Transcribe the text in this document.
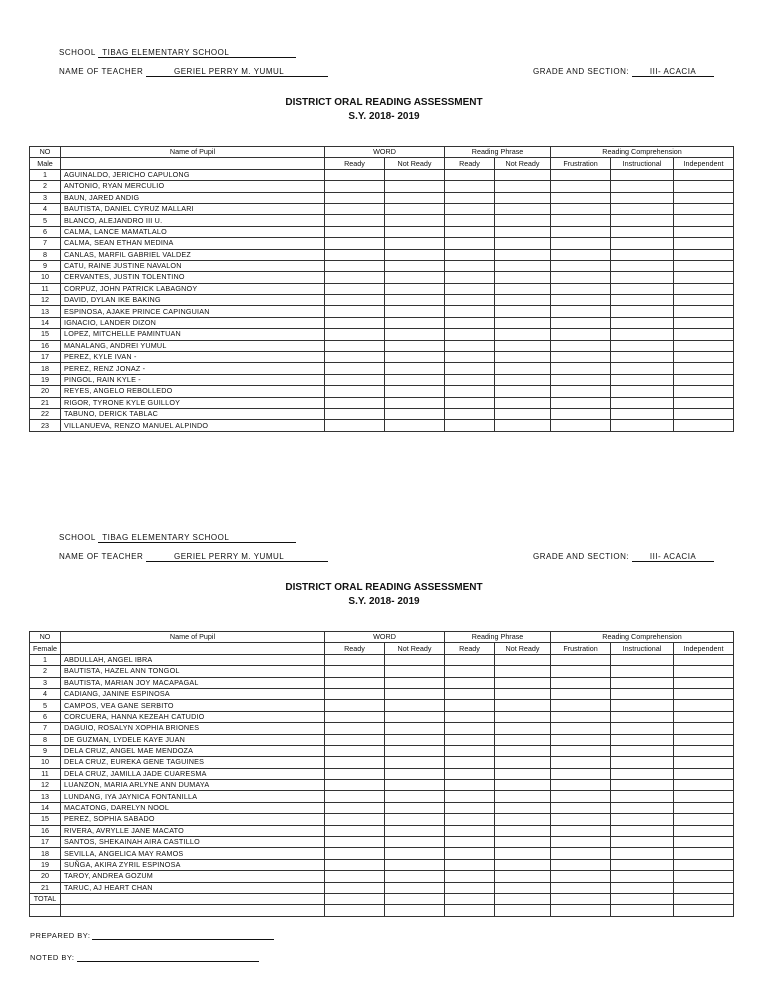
SCHOOL TIBAG ELEMENTARY SCHOOL
NAME OF TEACHER	GERIEL PERRY M. YUMUL	GRADE AND SECTION:	III- ACACIA
DISTRICT ORAL READING ASSESSMENT
S.Y. 2018- 2019
NO	Name of Pupil	WORD		Reading Phrase		Reading Comprehension		
Male		Ready	Not Ready	Ready	Not Ready	Frustration	Instructional	Independent
1	AGUINALDO, JERICHO CAPULONG							
2	ANTONIO, RYAN MERCULIO							
3	BAUN, JARED ANDIG							
4	BAUTISTA, DANIEL CYRUZ MALLARI							
5	BLANCO, ALEJANDRO III U.							
6	CALMA, LANCE MAMATLALO							
7	CALMA, SEAN ETHAN MEDINA							
8	CANLAS, MARFIL GABRIEL VALDEZ							
9	CATU, RAINE JUSTINE NAVALON							
10	CERVANTES, JUSTIN TOLENTINO							
11	CORPUZ, JOHN PATRICK LABAGNOY							
12	DAVID, DYLAN IKE BAKING							
13	ESPINOSA, AJAKE PRINCE CAPINGUIAN							
14	IGNACIO, LANDER DIZON							
15	LOPEZ, MITCHELLE PAMINTUAN							
16	MANALANG, ANDREI YUMUL							
17	PEREZ, KYLE IVAN -							
18	PEREZ, RENZ JONAZ -							
19	PINGOL, RAIN KYLE -							
20	REYES, ANGELO REBOLLEDO							
21	RIGOR, TYRONE KYLE GUILLOY							
22	TABUNO, DERICK TABLAC							
23	VILLANUEVA, RENZO MANUEL ALPINDO							
SCHOOL TIBAG ELEMENTARY SCHOOL
NAME OF TEACHER	GERIEL PERRY M. YUMUL	GRADE AND SECTION:	III- ACACIA
DISTRICT ORAL READING ASSESSMENT
S.Y. 2018- 2019
NO	Name of Pupil	WORD		Reading Phrase		Reading Comprehension		
Female		Ready	Not Ready	Ready	Not Ready	Frustration	Instructional	Independent
1	ABDULLAH, ANGEL IBRA							
2	BAUTISTA, HAZEL ANN TONGOL							
3	BAUTISTA, MARIAN JOY MACAPAGAL							
4	CADIANG, JANINE ESPINOSA							
5	CAMPOS, VEA GANE SERBITO							
6	CORCUERA, HANNA KEZEAH CATUDIO							
7	DAGUIO, ROSALYN XOPHIA BRIONES							
8	DE GUZMAN, LYDELE KAYE JUAN							
9	DELA CRUZ, ANGEL MAE MENDOZA							
10	DELA CRUZ, EUREKA GENE TAGUINES							
11	DELA CRUZ, JAMILLA JADE CUARESMA							
12	LUANZON, MARIA ARLYNE ANN DUMAYA							
13	LUNDANG, IYA JAYNICA FONTANILLA							
14	MACATONG, DARELYN NOOL							
15	PEREZ, SOPHIA SABADO							
16	RIVERA, AVRYLLE JANE MACATO							
17	SANTOS, SHEKAINAH AIRA CASTILLO							
18	SEVILLA, ANGELICA MAY RAMOS							
19	SUÑGA, AKIRA ZYRIL ESPINOSA							
20	TAROY, ANDREA GOZUM							
21	TARUC, AJ HEART CHAN							
TOTAL								

PREPARED BY:
NOTED BY:
